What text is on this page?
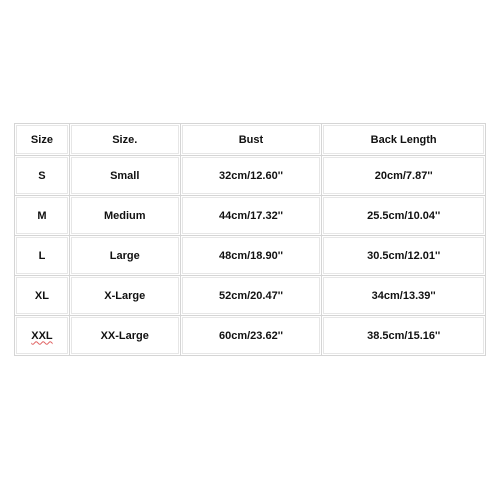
Size	Size.	Bust	Back Length
S	Small	32cm/12.60''	20cm/7.87''
M	Medium	44cm/17.32''	25.5cm/10.04''
L	Large	48cm/18.90''	30.5cm/12.01''
XL	X-Large	52cm/20.47''	34cm/13.39''
XXL	XX-Large	60cm/23.62''	38.5cm/15.16''
